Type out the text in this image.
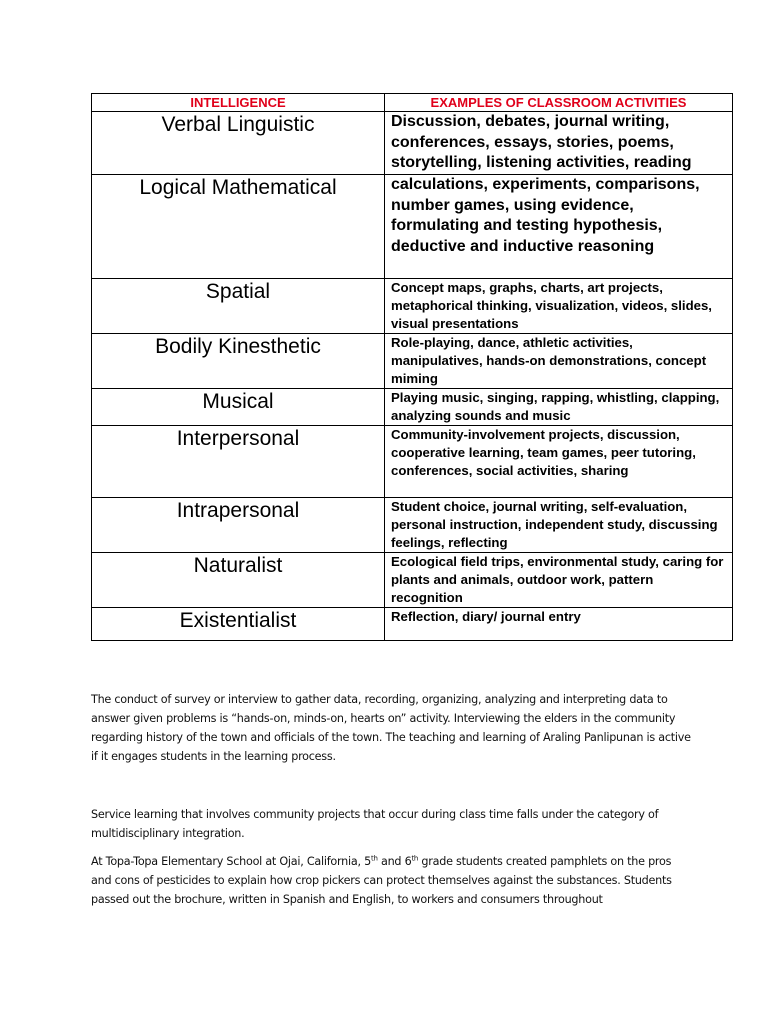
INTELLIGENCE	EXAMPLES OF CLASSROOM ACTIVITIES
Verbal Linguistic	Discussion, debates, journal writing, conferences, essays, stories, poems, storytelling, listening activities, reading
Logical Mathematical	calculations, experiments, comparisons, number games, using evidence, formulating and testing hypothesis, deductive and inductive reasoning
Spatial	Concept maps, graphs, charts, art projects, metaphorical thinking, visualization, videos, slides, visual presentations
Bodily Kinesthetic	Role-playing, dance, athletic activities, manipulatives, hands-on demonstrations, concept miming
Musical	Playing music, singing, rapping, whistling, clapping, analyzing sounds and music
Interpersonal	Community-involvement projects, discussion, cooperative learning, team games, peer tutoring, conferences, social activities, sharing
Intrapersonal	Student choice, journal writing, self-evaluation, personal instruction, independent study, discussing feelings, reflecting
Naturalist	Ecological field trips, environmental study, caring for plants and animals, outdoor work, pattern recognition
Existentialist	Reflection, diary/ journal entry

The conduct of survey or interview to gather data, recording, organizing, analyzing and interpreting data to answer given problems is “hands-on, minds-on, hearts on” activity. Interviewing the elders in the community regarding history of the town and officials of the town. The teaching and learning of Araling Panlipunan is active if it engages students in the learning process.

Service learning that involves community projects that occur during class time falls under the category of multidisciplinary integration.

At Topa-Topa Elementary School at Ojai, California, 5th and 6th grade students created pamphlets on the pros and cons of pesticides to explain how crop pickers can protect themselves against the substances. Students passed out the brochure, written in Spanish and English, to workers and consumers throughout
